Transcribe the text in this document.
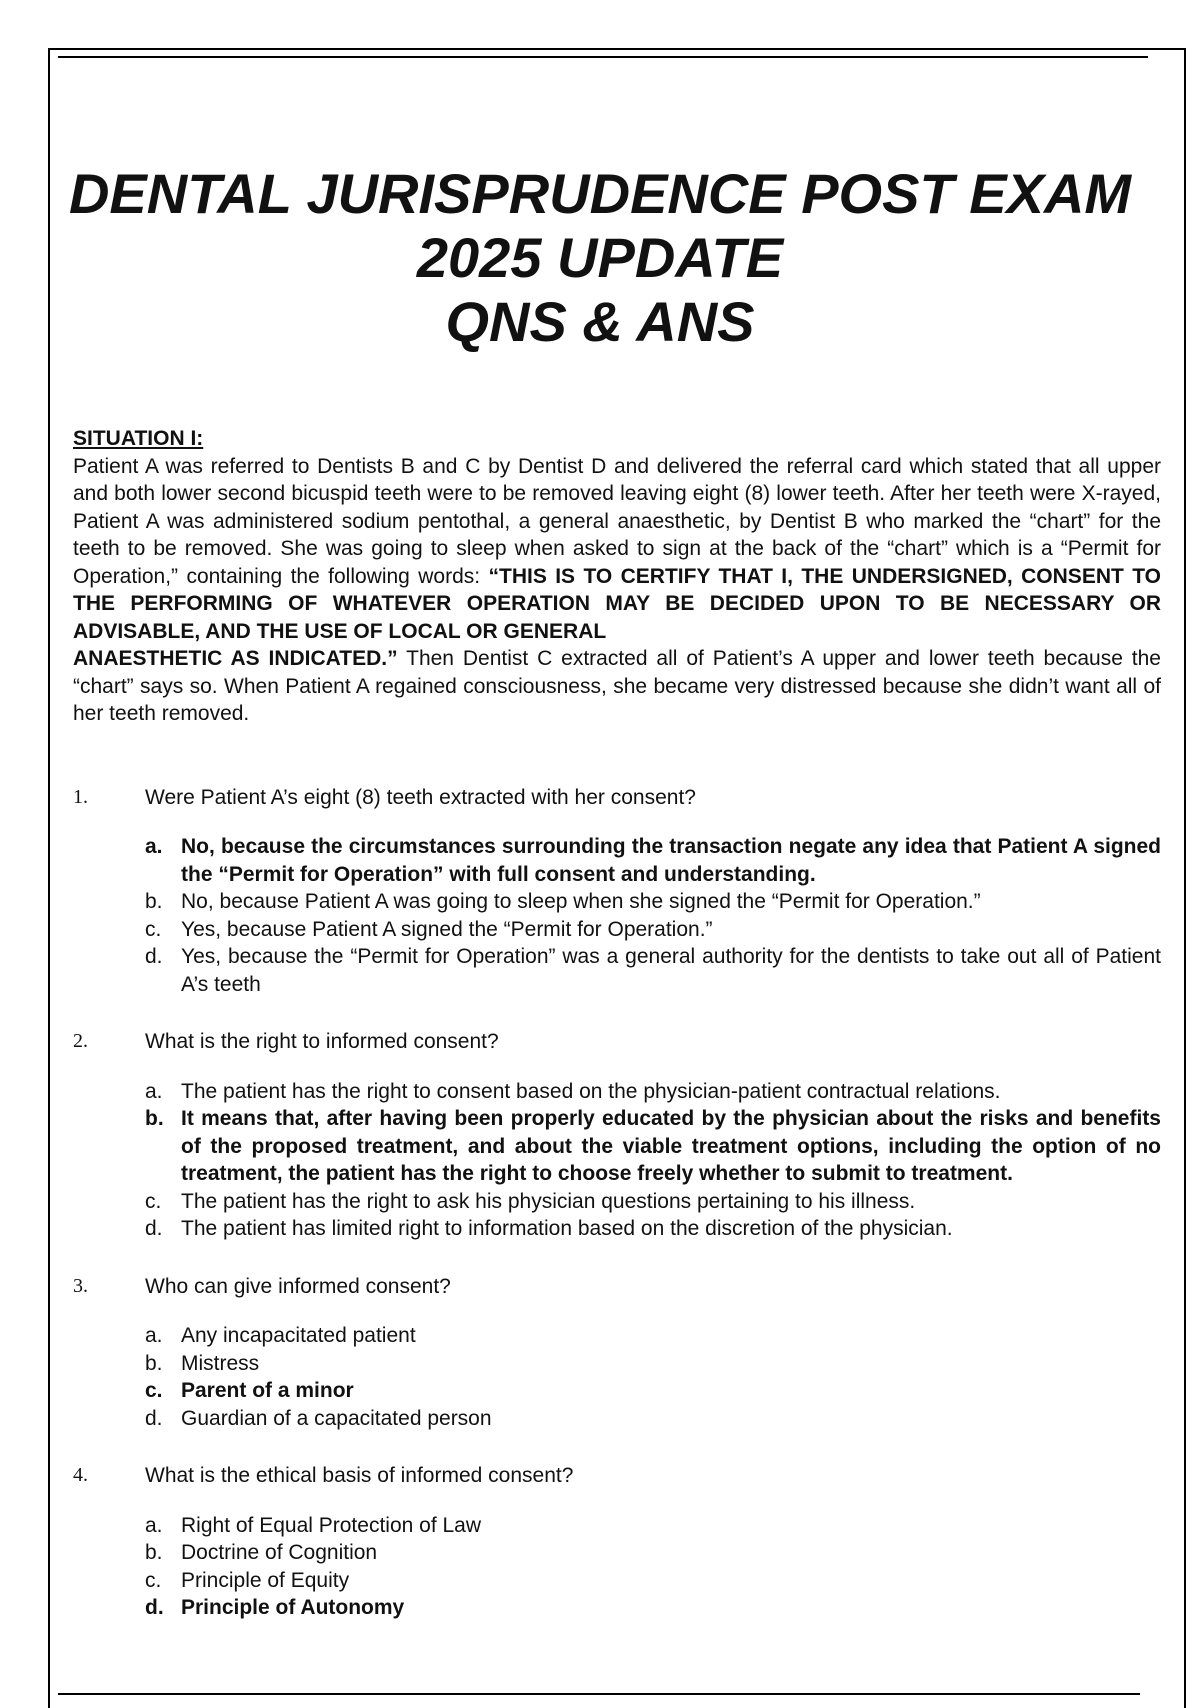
DENTAL JURISPRUDENCE POST EXAM
2025 UPDATE
QNS & ANS
SITUATION I:
Patient A was referred to Dentists B and C by Dentist D and delivered the referral card which stated that all upper and both lower second bicuspid teeth were to be removed leaving eight (8) lower teeth. After her teeth were X-rayed, Patient A was administered sodium pentothal, a general anaesthetic, by Dentist B who marked the “chart” for the teeth to be removed. She was going to sleep when asked to sign at the back of the “chart” which is a “Permit for Operation,” containing the following words: “THIS IS TO CERTIFY THAT I, THE UNDERSIGNED, CONSENT TO THE PERFORMING OF WHATEVER OPERATION MAY BE DECIDED UPON TO BE NECESSARY OR ADVISABLE, AND THE USE OF LOCAL OR GENERAL
ANAESTHETIC AS INDICATED.” Then Dentist C extracted all of Patient’s A upper and lower teeth because the “chart” says so. When Patient A regained consciousness, she became very distressed because she didn’t want all of her teeth removed.
1.	Were Patient A’s eight (8) teeth extracted with her consent?
a. No, because the circumstances surrounding the transaction negate any idea that Patient A signed the “Permit for Operation” with full consent and understanding.
b. No, because Patient A was going to sleep when she signed the “Permit for Operation.”
c. Yes, because Patient A signed the “Permit for Operation.”
d. Yes, because the “Permit for Operation” was a general authority for the dentists to take out all of Patient A’s teeth
2.	What is the right to informed consent?
a. The patient has the right to consent based on the physician-patient contractual relations.
b. It means that, after having been properly educated by the physician about the risks and benefits of the proposed treatment, and about the viable treatment options, including the option of no treatment, the patient has the right to choose freely whether to submit to treatment.
c. The patient has the right to ask his physician questions pertaining to his illness.
d. The patient has limited right to information based on the discretion of the physician.
3.	Who can give informed consent?
a. Any incapacitated patient
b. Mistress
c. Parent of a minor
d. Guardian of a capacitated person
4.	What is the ethical basis of informed consent?
a. Right of Equal Protection of Law
b. Doctrine of Cognition
c. Principle of Equity
d. Principle of Autonomy
